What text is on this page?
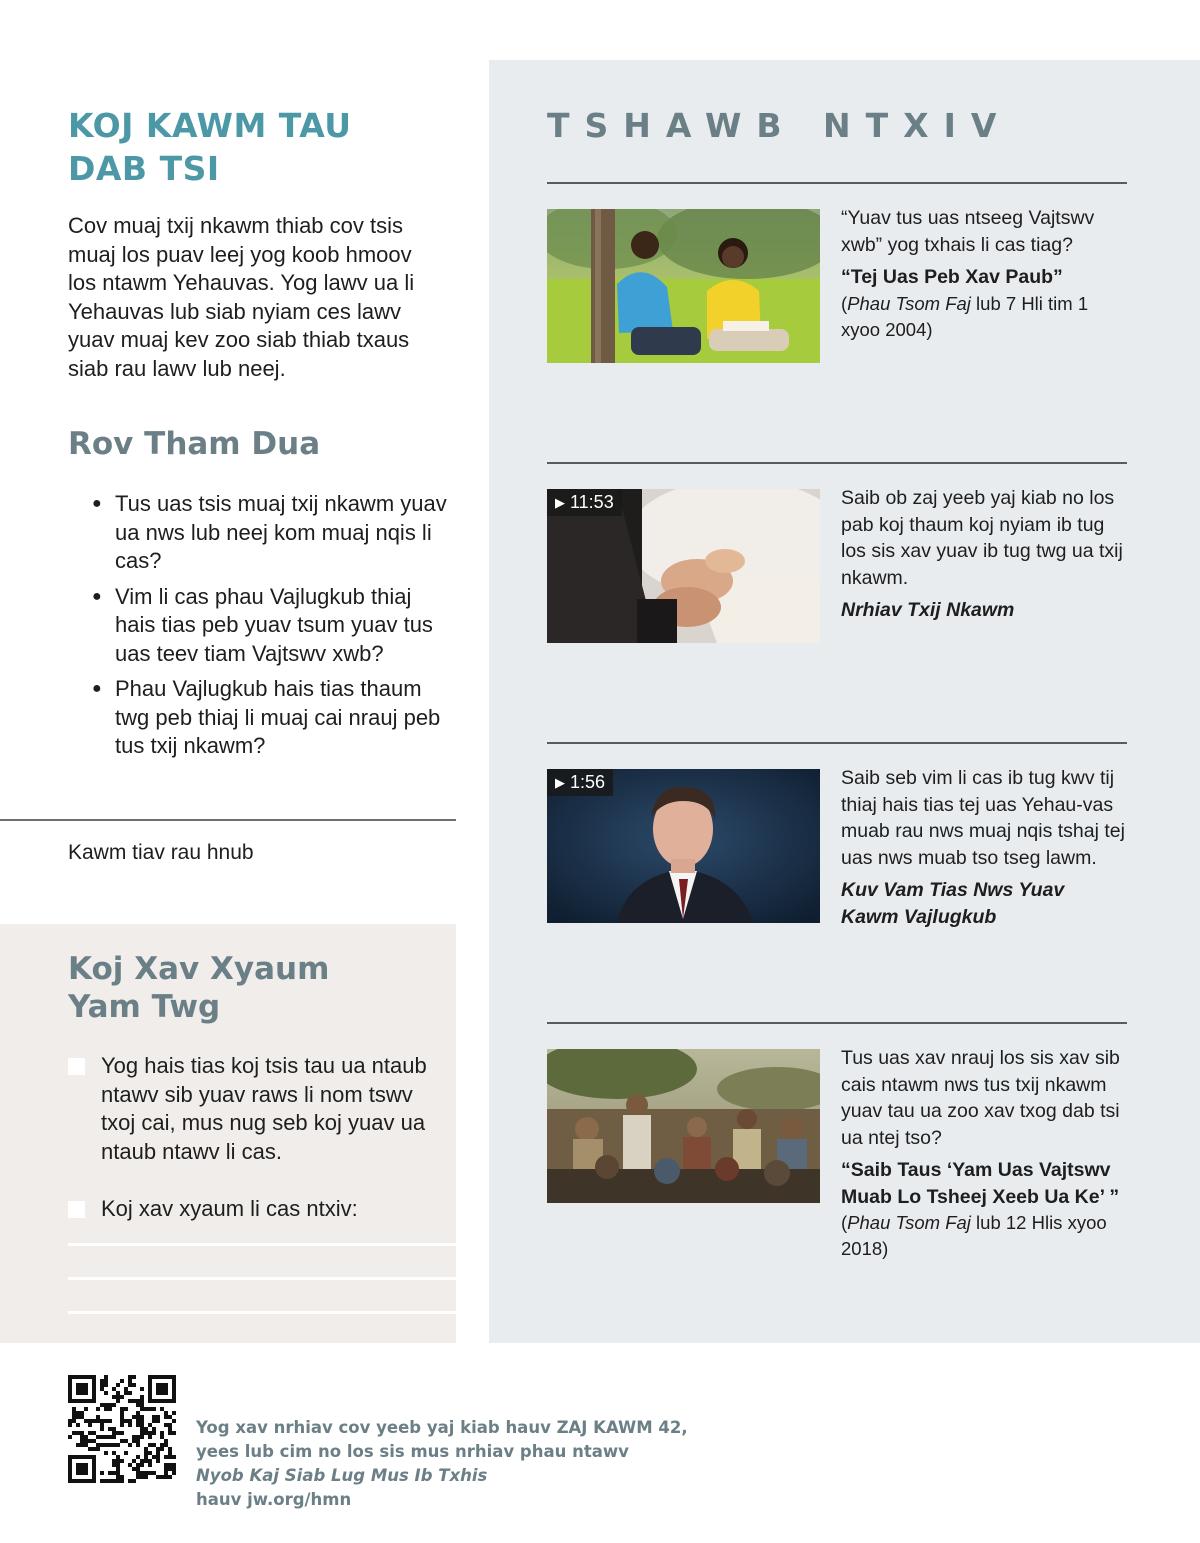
KOJ KAWM TAU
DAB TSI

Cov muaj txij nkawm thiab cov tsis muaj los puav leej yog koob hmoov los ntawm Yehauvas. Yog lawv ua li Yehauvas lub siab nyiam ces lawv yuav muaj kev zoo siab thiab txaus siab rau lawv lub neej.

Rov Tham Dua
● Tus uas tsis muaj txij nkawm yuav ua nws lub neej kom muaj nqis li cas?
● Vim li cas phau Vajlugkub thiaj hais tias peb yuav tsum yuav tus uas teev tiam Vajtswv xwb?
● Phau Vajlugkub hais tias thaum twg peb thiaj li muaj cai nrauj peb tus txij nkawm?
Kawm tiav rau hnub
Koj Xav Xyaum
Yam Twg
Yog hais tias koj tsis tau ua ntaub ntawv sib yuav raws li nom tswv txoj cai, mus nug seb koj yuav ua ntaub ntawv li cas.
Koj xav xyaum li cas ntxiv:
TSHAWB NTXIV

“Yuav tus uas ntseeg Vajtswv xwb” yog txhais li cas tiag?

“Tej Uas Peb Xav Paub”

(Phau Tsom Faj lub 7 Hli tim 1 xyoo 2004)

▶ 11:53	Saib ob zaj yeeb yaj kiab no los pab koj thaum koj nyiam ib tug los sis xav yuav ib tug twg ua txij nkawm.

Nrhiav Txij Nkawm

▶ 1:56	Saib seb vim li cas ib tug kwv tij thiaj hais tias tej uas Yehau-vas muab rau nws muaj nqis tshaj tej uas nws muab tso tseg lawm.

Kuv Vam Tias Nws Yuav
Kawm Vajlugkub

Tus uas xav nrauj los sis xav sib cais ntawm nws tus txij nkawm yuav tau ua zoo xav txog dab tsi ua ntej tso?

“Saib Taus ‘Yam Uas Vajtswv
Muab Lo Tsheej Xeeb Ua Ke’ ”

(Phau Tsom Faj lub 12 Hlis xyoo 2018)

Yog xav nrhiav cov yeeb yaj kiab hauv ZAJ KAWM 42,
yees lub cim no los sis mus nrhiav phau ntawv
Nyob Kaj Siab Lug Mus Ib Txhis
hauv jw.org/hmn
